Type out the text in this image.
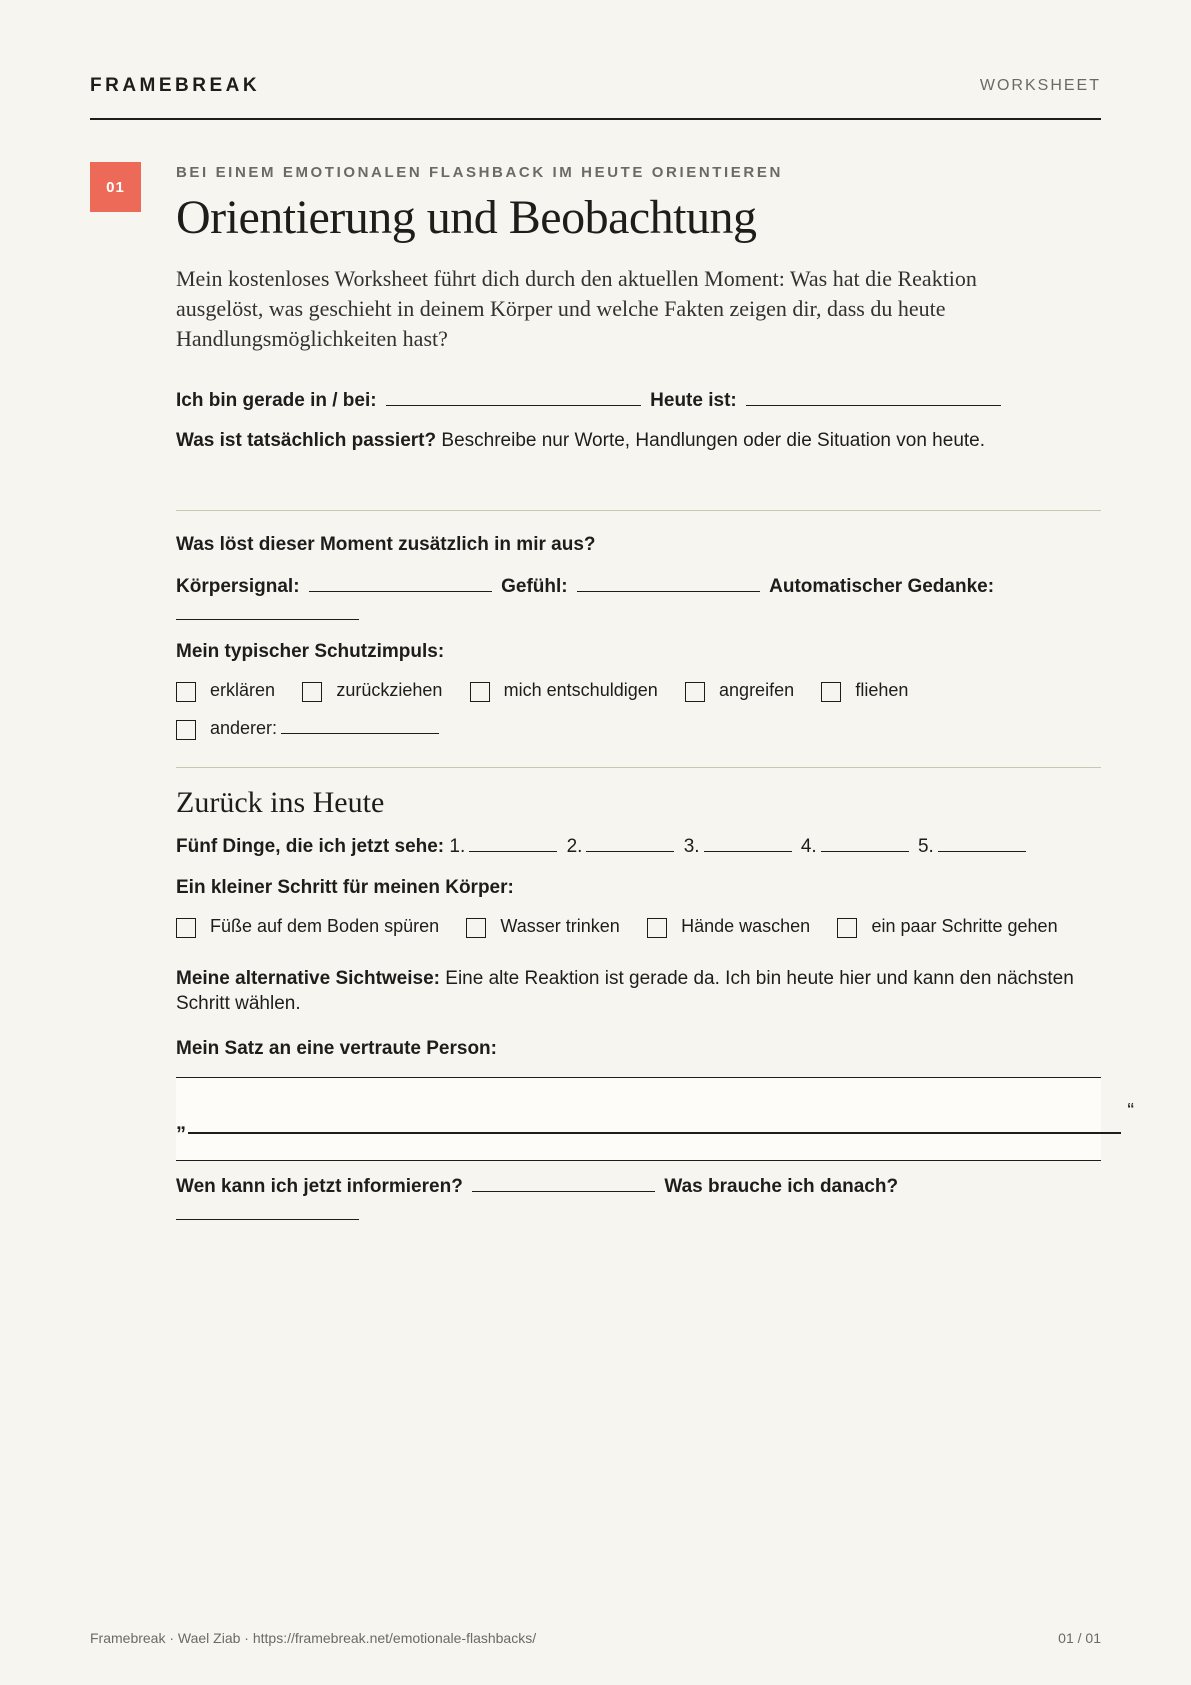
FRAMEBREAK	WORKSHEET
01
BEI EINEM EMOTIONALEN FLASHBACK IM HEUTE ORIENTIEREN
Orientierung und Beobachtung

Mein kostenloses Worksheet führt dich durch den aktuellen Moment: Was hat die Reaktion ausgelöst, was geschieht in deinem Körper und welche Fakten zeigen dir, dass du heute Handlungsmöglichkeiten hast?

Ich bin gerade in / bei:	Heute ist:
Was ist tatsächlich passiert? Beschreibe nur Worte, Handlungen oder die Situation von heute.
Was löst dieser Moment zusätzlich in mir aus?
Körpersignal:	Gefühl:	Automatischer Gedanke:
Mein typischer Schutzimpuls:
erklären	zurückziehen	mich entschuldigen	angreifen	fliehen
anderer:
Zurück ins Heute
Fünf Dinge, die ich jetzt sehe: 1.	2.	3.	4.	5.
Ein kleiner Schritt für meinen Körper:
Füße auf dem Boden spüren	Wasser trinken	Hände waschen	ein paar Schritte gehen
Meine alternative Sichtweise: Eine alte Reaktion ist gerade da. Ich bin heute hier und kann den nächsten Schritt wählen.
Mein Satz an eine vertraute Person:
„
“
Wen kann ich jetzt informieren?	Was brauche ich danach?
Framebreak · Wael Ziab · https://framebreak.net/emotionale-flashbacks/	01 / 01
